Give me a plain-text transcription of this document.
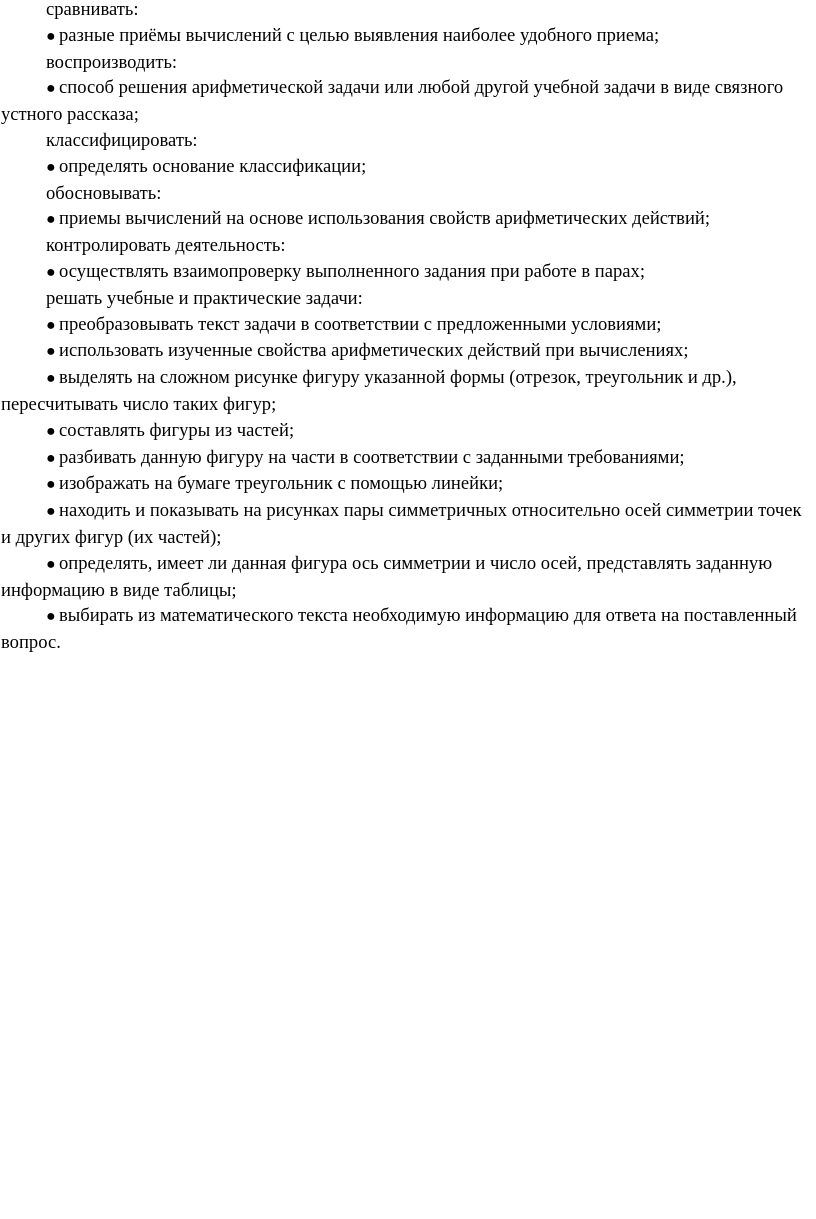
сравнивать:

● разные приёмы вычислений с целью выявления наиболее удобного приема;

воспроизводить:

● способ решения арифметической задачи или любой другой учебной задачи в виде связного устного рассказа;

классифицировать:

● определять основание классификации;

обосновывать:

● приемы вычислений на основе использования свойств арифметических действий;

контролировать деятельность:

● осуществлять взаимопроверку выполненного задания при работе в парах;

решать учебные и практические задачи:

● преобразовывать текст задачи в соответствии с предложенными условиями;

● использовать изученные свойства арифметических действий при вычислениях;

● выделять на сложном рисунке фигуру указанной формы (отрезок, треугольник и др.), пересчитывать число таких фигур;

● составлять фигуры из частей;

● разбивать данную фигуру на части в соответствии с заданными требованиями;

● изображать на бумаге треугольник с помощью линейки;

● находить и показывать на рисунках пары симметричных относительно осей симметрии точек и других фигур (их частей);

● определять, имеет ли данная фигура ось симметрии и число осей, представлять заданную информацию в виде таблицы;

● выбирать из математического текста необходимую информацию для ответа на поставленный вопрос.
